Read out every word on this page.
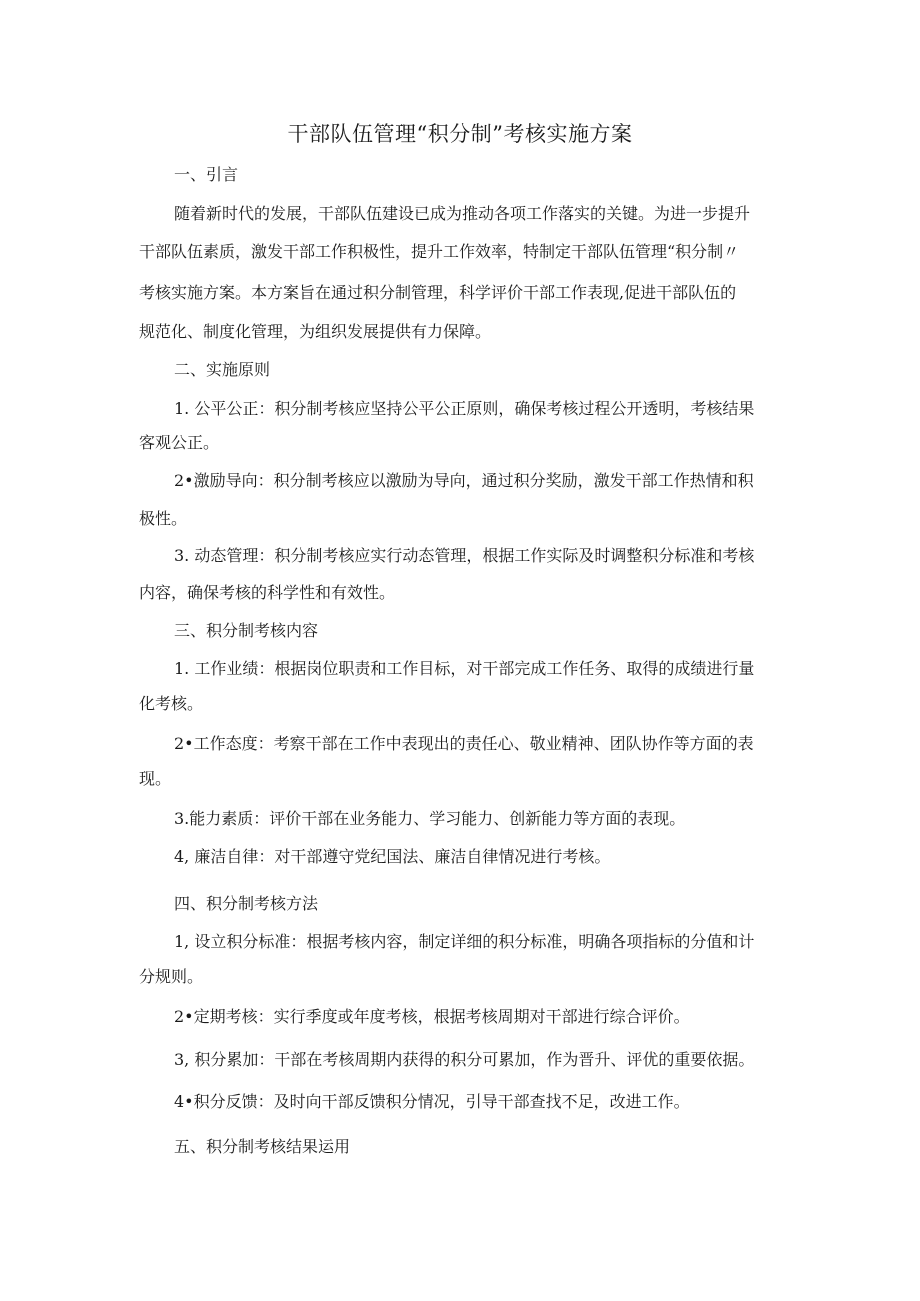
干部队伍管理“积分制”考核实施方案
一、引言
随着新时代的发展，干部队伍建设已成为推动各项工作落实的关键。为进一步提升
干部队伍素质，激发干部工作积极性，提升工作效率，特制定干部队伍管理“积分制〃
考核实施方案。本方案旨在通过积分制管理，科学评价干部工作表现,促进干部队伍的
规范化、制度化管理，为组织发展提供有力保障。
二、实施原则
1. 公平公正：积分制考核应坚持公平公正原则，确保考核过程公开透明，考核结果
客观公正。
2•激励导向：积分制考核应以激励为导向，通过积分奖励，激发干部工作热情和积
极性。
3. 动态管理：积分制考核应实行动态管理，根据工作实际及时调整积分标准和考核
内容，确保考核的科学性和有效性。
三、积分制考核内容
1. 工作业绩：根据岗位职责和工作目标，对干部完成工作任务、取得的成绩进行量
化考核。
2•工作态度：考察干部在工作中表现出的责任心、敬业精神、团队协作等方面的表
现。
3.能力素质：评价干部在业务能力、学习能力、创新能力等方面的表现。
4, 廉洁自律：对干部遵守党纪国法、廉洁自律情况进行考核。
四、积分制考核方法
1, 设立积分标准：根据考核内容，制定详细的积分标准，明确各项指标的分值和计
分规则。
2•定期考核：实行季度或年度考核，根据考核周期对干部进行综合评价。
3, 积分累加：干部在考核周期内获得的积分可累加，作为晋升、评优的重要依据。
4•积分反馈：及时向干部反馈积分情况，引导干部查找不足，改进工作。
五、积分制考核结果运用
